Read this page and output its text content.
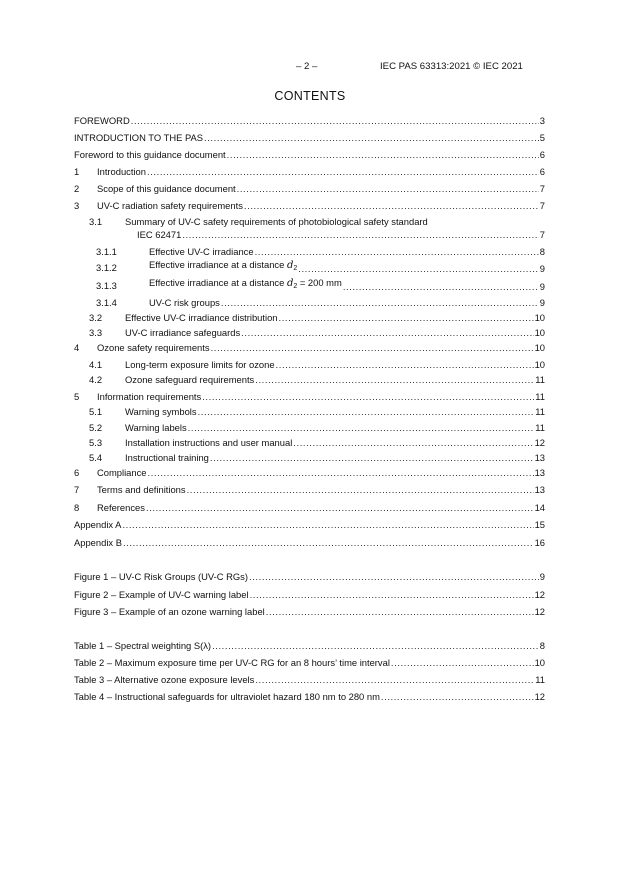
– 2 –	IEC PAS 63313:2021 © IEC 2021
CONTENTS
FOREWORD .....	3
INTRODUCTION TO THE PAS .....	5
Foreword to this guidance document .....	6
1 Introduction .....	6
2 Scope of this guidance document .....	7
3 UV-C radiation safety requirements .....	7
3.1 Summary of UV-C safety requirements of photobiological safety standard
IEC 62471 .....	7
3.1.1	Effective UV-C irradiance .....	8
3.1.2	Effective irradiance at a distance $d_2$ .....	9
3.1.3	Effective irradiance at a distance $d_2 = 200$ mm .....	9
3.1.4	UV-C risk groups .....	9
3.2 Effective UV-C irradiance distribution .....	10
3.3 UV-C irradiance safeguards .....	10
4 Ozone safety requirements .....	10
4.1 Long-term exposure limits for ozone .....	10
4.2 Ozone safeguard requirements .....	11
5 Information requirements .....	11
5.1 Warning symbols .....	11
5.2 Warning labels .....	11
5.3 Installation instructions and user manual .....	12
5.4 Instructional training .....	13
6 Compliance .....	13
7 Terms and definitions .....	13
8 References .....	14
Appendix A .....	15
Appendix B .....	16
Figure 1 – UV-C Risk Groups (UV-C RGs) .....	9
Figure 2 – Example of UV-C warning label .....	12
Figure 3 – Example of an ozone warning label .....	12
Table 1 – Spectral weighting S(λ) .....	8
Table 2 – Maximum exposure time per UV-C RG for an 8 hours’ time interval .....	10
Table 3 – Alternative ozone exposure levels .....	11
Table 4 – Instructional safeguards for ultraviolet hazard 180 nm to 280 nm .....	12
